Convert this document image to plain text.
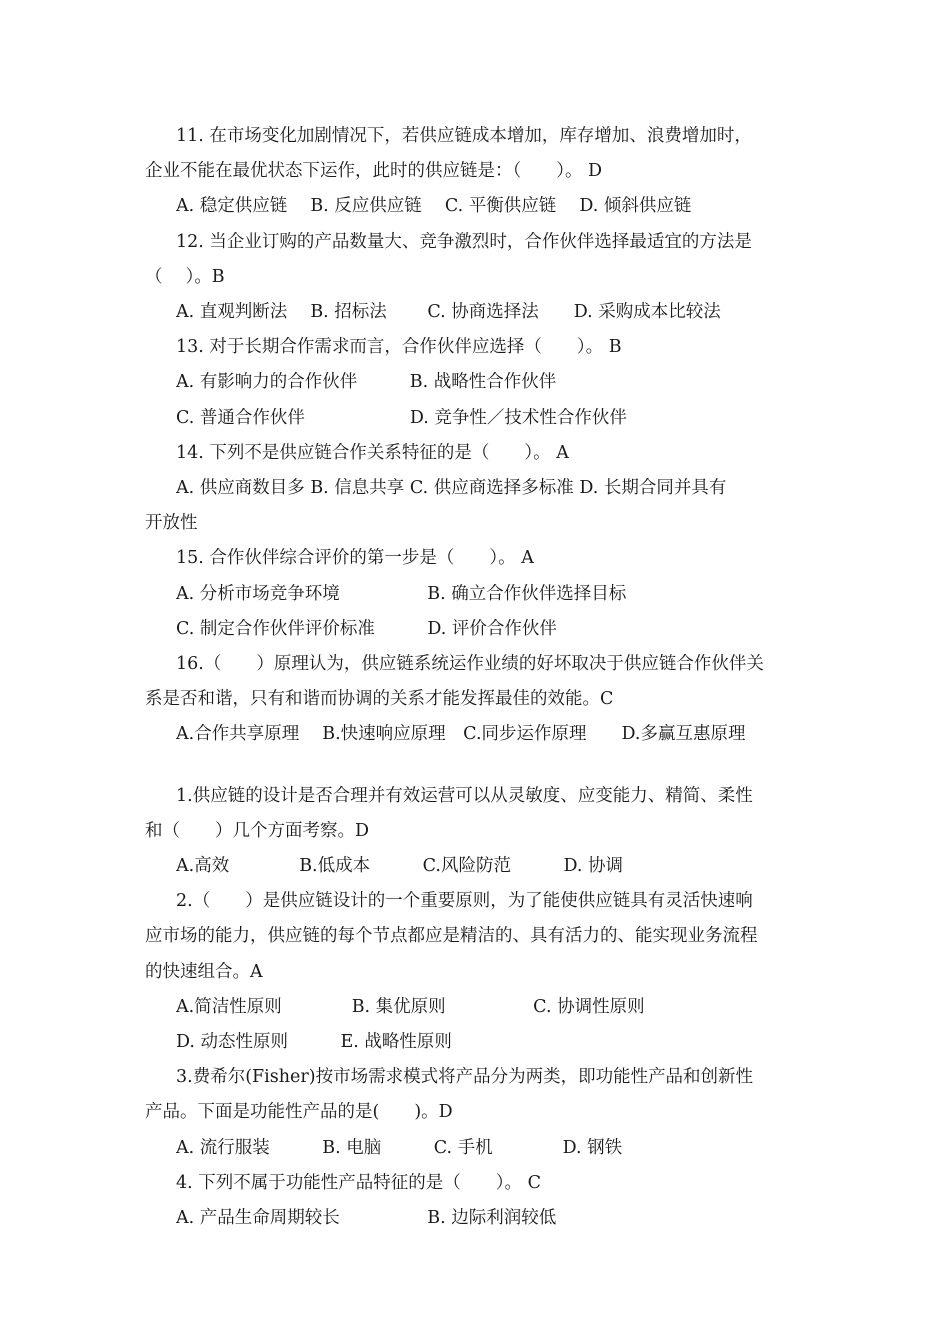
11. 在市场变化加剧情况下，若供应链成本增加，库存增加、浪费增加时，
企业不能在最优状态下运作，此时的供应链是：（　　）。 D
A. 稳定供应链　 B. 反应供应链　 C. 平衡供应链　 D. 倾斜供应链
12. 当企业订购的产品数量大、竞争激烈时，合作伙伴选择最适宜的方法是
（　 ）。B
A. 直观判断法　 B. 招标法　　 C. 协商选择法　　D. 采购成本比较法
13. 对于长期合作需求而言，合作伙伴应选择（　　）。 B
A. 有影响力的合作伙伴　　　B. 战略性合作伙伴
C. 普通合作伙伴　　　　　　D. 竞争性／技术性合作伙伴
14. 下列不是供应链合作关系特征的是（　　）。 A
A. 供应商数目多 B. 信息共享 C. 供应商选择多标准 D. 长期合同并具有
开放性
15. 合作伙伴综合评价的第一步是（　　）。 A
A. 分析市场竞争环境　　　　　B. 确立合作伙伴选择目标
C. 制定合作伙伴评价标准　　　D. 评价合作伙伴
16.（　　）原理认为，供应链系统运作业绩的好坏取决于供应链合作伙伴关
系是否和谐，只有和谐而协调的关系才能发挥最佳的效能。C
A.合作共享原理　 B.快速响应原理　C.同步运作原理　　D.多赢互惠原理
1.供应链的设计是否合理并有效运营可以从灵敏度、应变能力、精简、柔性
和（　　）几个方面考察。D
A.高效　　　　B.低成本　　　C.风险防范　　　D. 协调
2.（　　）是供应链设计的一个重要原则，为了能使供应链具有灵活快速响
应市场的能力，供应链的每个节点都应是精洁的、具有活力的、能实现业务流程
的快速组合。A
A.简洁性原则　　　　B. 集优原则　　　　　C. 协调性原则
D. 动态性原则　　　E. 战略性原则
3.费希尔(Fisher)按市场需求模式将产品分为两类，即功能性产品和创新性
产品。下面是功能性产品的是(　　)。D
A. 流行服装　　　B. 电脑　　　C. 手机　　　　D. 钢铁
4. 下列不属于功能性产品特征的是（　　）。 C
A. 产品生命周期较长　　　　　B. 边际利润较低
